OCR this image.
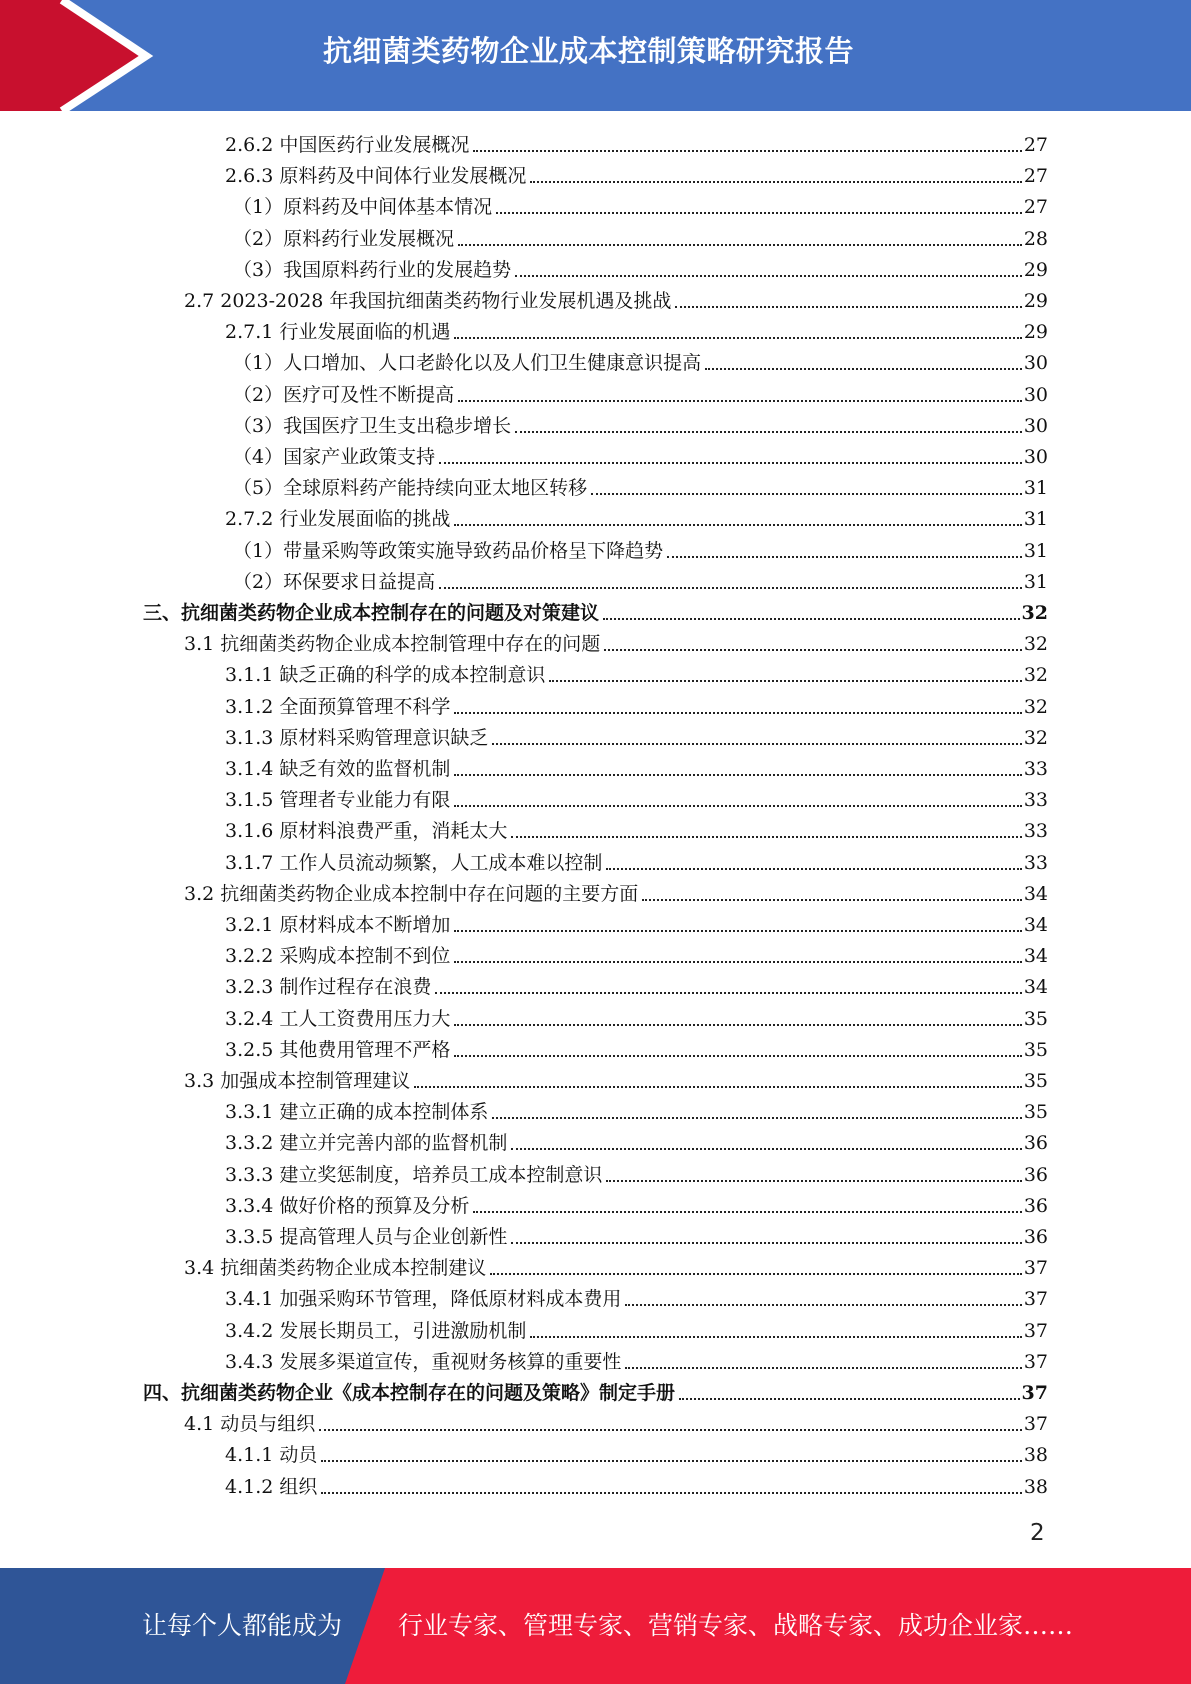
抗细菌类药物企业成本控制策略研究报告
2.6.2 中国医药行业发展概况	27
2.6.3 原料药及中间体行业发展概况	27
（1）原料药及中间体基本情况	27
（2）原料药行业发展概况	28
（3）我国原料药行业的发展趋势	29
2.7 2023-2028 年我国抗细菌类药物行业发展机遇及挑战	29
2.7.1 行业发展面临的机遇	29
（1）人口增加、人口老龄化以及人们卫生健康意识提高	30
（2）医疗可及性不断提高	30
（3）我国医疗卫生支出稳步增长	30
（4）国家产业政策支持	30
（5）全球原料药产能持续向亚太地区转移	31
2.7.2 行业发展面临的挑战	31
（1）带量采购等政策实施导致药品价格呈下降趋势	31
（2）环保要求日益提高	31
三、抗细菌类药物企业成本控制存在的问题及对策建议	32
3.1 抗细菌类药物企业成本控制管理中存在的问题	32
3.1.1 缺乏正确的科学的成本控制意识	32
3.1.2 全面预算管理不科学	32
3.1.3 原材料采购管理意识缺乏	32
3.1.4 缺乏有效的监督机制	33
3.1.5 管理者专业能力有限	33
3.1.6 原材料浪费严重，消耗太大	33
3.1.7 工作人员流动频繁，人工成本难以控制	33
3.2 抗细菌类药物企业成本控制中存在问题的主要方面	34
3.2.1 原材料成本不断增加	34
3.2.2 采购成本控制不到位	34
3.2.3 制作过程存在浪费	34
3.2.4 工人工资费用压力大	35
3.2.5 其他费用管理不严格	35
3.3 加强成本控制管理建议	35
3.3.1 建立正确的成本控制体系	35
3.3.2 建立并完善内部的监督机制	36
3.3.3 建立奖惩制度，培养员工成本控制意识	36
3.3.4 做好价格的预算及分析	36
3.3.5 提高管理人员与企业创新性	36
3.4 抗细菌类药物企业成本控制建议	37
3.4.1 加强采购环节管理，降低原材料成本费用	37
3.4.2 发展长期员工，引进激励机制	37
3.4.3 发展多渠道宣传，重视财务核算的重要性	37
四、抗细菌类药物企业《成本控制存在的问题及策略》制定手册	37
4.1 动员与组织	37
4.1.1 动员	38
4.1.2 组织	38
2
让每个人都能成为 行业专家、管理专家、营销专家、战略专家、成功企业家……
